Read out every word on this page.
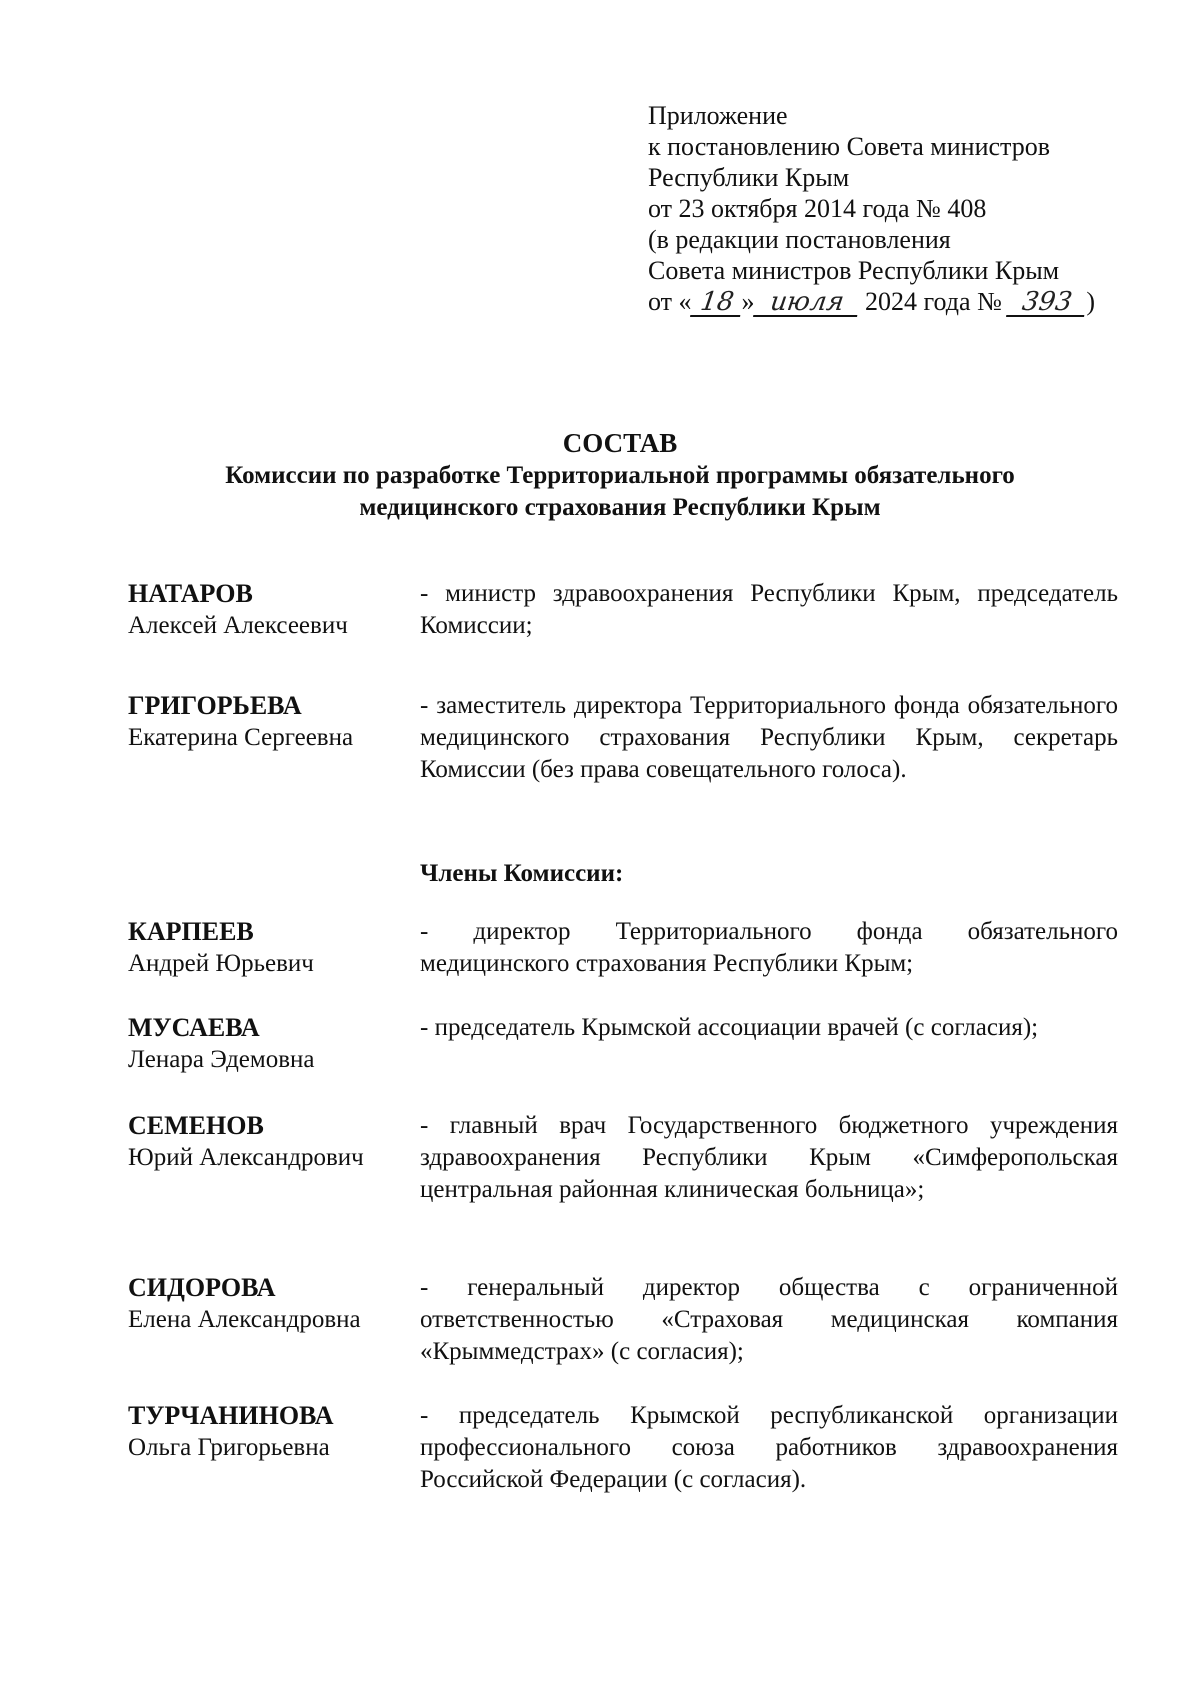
Приложение
к постановлению Совета министров
Республики Крым
от 23 октября 2014 года № 408
(в редакции постановления
Совета министров Республики Крым
от « 18 » июля 2024 года № 393 )
СОСТАВ
Комиссии по разработке Территориальной программы обязательного
медицинского страхования Республики Крым
НАТАРОВ
Алексей Алексеевич
- министр здравоохранения Республики Крым, председатель Комиссии;
ГРИГОРЬЕВА
Екатерина Сергеевна
- заместитель директора Территориального фонда обязательного медицинского страхования Республики Крым, секретарь Комиссии (без права совещательного голоса).
Члены Комиссии:
КАРПЕЕВ
Андрей Юрьевич
- директор Территориального фонда обязательного медицинского страхования Республики Крым;
МУСАЕВА
Ленара Эдемовна
- председатель Крымской ассоциации врачей (с согласия);
СЕМЕНОВ
Юрий Александрович
- главный врач Государственного бюджетного учреждения здравоохранения Республики Крым «Симферопольская центральная районная клиническая больница»;
СИДОРОВА
Елена Александровна
- генеральный директор общества с ограниченной ответственностью «Страховая медицинская компания «Крыммедстрах» (с согласия);
ТУРЧАНИНОВА
Ольга Григорьевна
- председатель Крымской республиканской организации профессионального союза работников здравоохранения Российской Федерации (с согласия).
